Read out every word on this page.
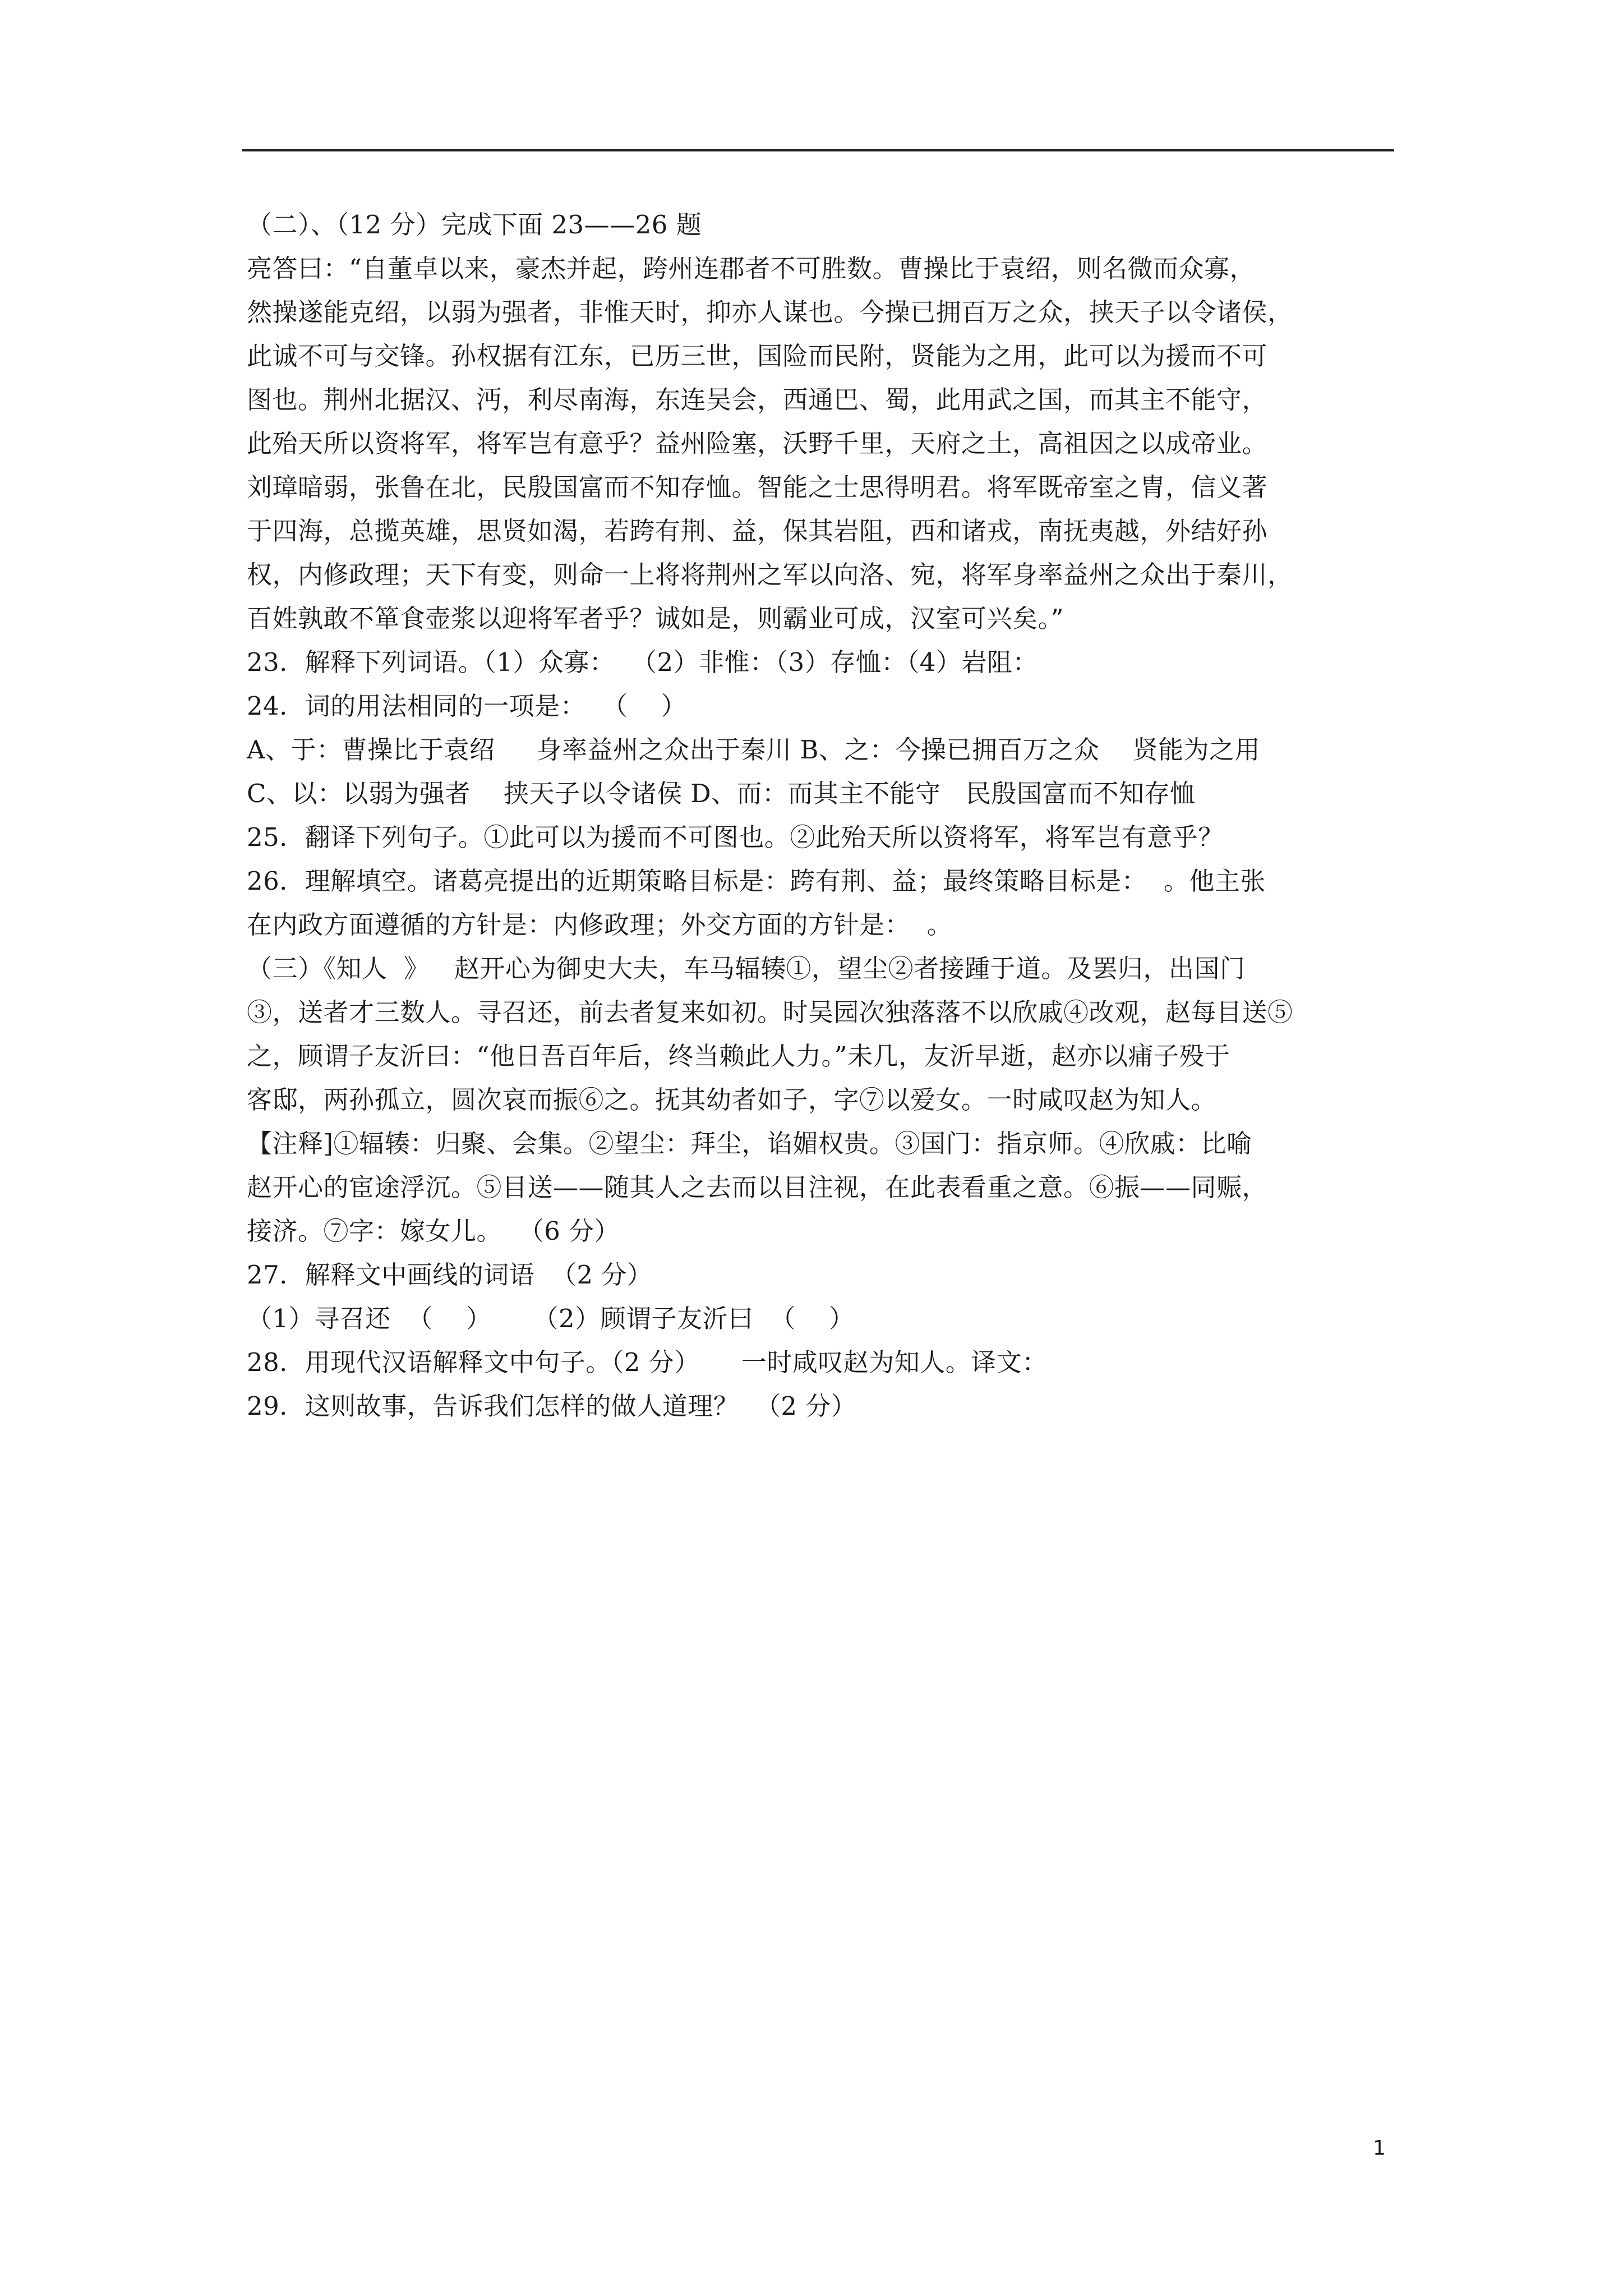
（二）、（12 分）完成下面 23——26 题
亮答曰：“自董卓以来，豪杰并起，跨州连郡者不可胜数。曹操比于袁绍，则名微而众寡，
然操遂能克绍，以弱为强者，非惟天时，抑亦人谋也。今操已拥百万之众，挟天子以令诸侯，
此诚不可与交锋。孙权据有江东，已历三世，国险而民附，贤能为之用，此可以为援而不可
图也。荆州北据汉、沔，利尽南海，东连吴会，西通巴、蜀，此用武之国，而其主不能守，
此殆天所以资将军，将军岂有意乎？益州险塞，沃野千里，天府之土，高祖因之以成帝业。
刘璋暗弱，张鲁在北，民殷国富而不知存恤。智能之士思得明君。将军既帝室之胄，信义著
于四海，总揽英雄，思贤如渴，若跨有荆、益，保其岩阻，西和诸戎，南抚夷越，外结好孙
权，内修政理；天下有变，则命一上将将荆州之军以向洛、宛，将军身率益州之众出于秦川，
百姓孰敢不箪食壶浆以迎将军者乎？诚如是，则霸业可成，汉室可兴矣。”
23．解释下列词语。（1）众寡：  （2）非惟：（3）存恤：（4）岩阻：
24．词的用法相同的一项是：  （    ）
A、于：曹操比于袁绍     身率益州之众出于秦川 B、之：今操已拥百万之众    贤能为之用
C、以：以弱为强者    挟天子以令诸侯 D、而：而其主不能守   民殷国富而不知存恤
25．翻译下列句子。①此可以为援而不可图也。②此殆天所以资将军，将军岂有意乎？
26．理解填空。诸葛亮提出的近期策略目标是：跨有荆、益；最终策略目标是：  。他主张
在内政方面遵循的方针是：内修政理；外交方面的方针是：  。
（三）《知人  》   赵开心为御史大夫，车马辐辏①，望尘②者接踵于道。及罢归，出国门
③，送者才三数人。寻召还，前去者复来如初。时吴园次独落落不以欣戚④改观，赵每目送⑤
之，顾谓子友沂曰：“他日吾百年后，终当赖此人力。”未几，友沂早逝，赵亦以痡子殁于
客邸，两孙孤立，圆次哀而振⑥之。抚其幼者如子，字⑦以爱女。一时咸叹赵为知人。
【注释]①辐辏：归聚、会集。②望尘：拜尘，谄媚权贵。③国门：指京师。④欣戚：比喻
赵开心的宦途浮沉。⑤目送——随其人之去而以目注视，在此表看重之意。⑥振——同赈，
接济。⑦字：嫁女儿。  （6 分）
27．解释文中画线的词语  （2 分）
（1）寻召还  （    ）     （2）顾谓子友沂曰  （    ）
28．用现代汉语解释文中句子。（2 分）     一时咸叹赵为知人。译文：
29．这则故事，告诉我们怎样的做人道理？  （2 分）
1
